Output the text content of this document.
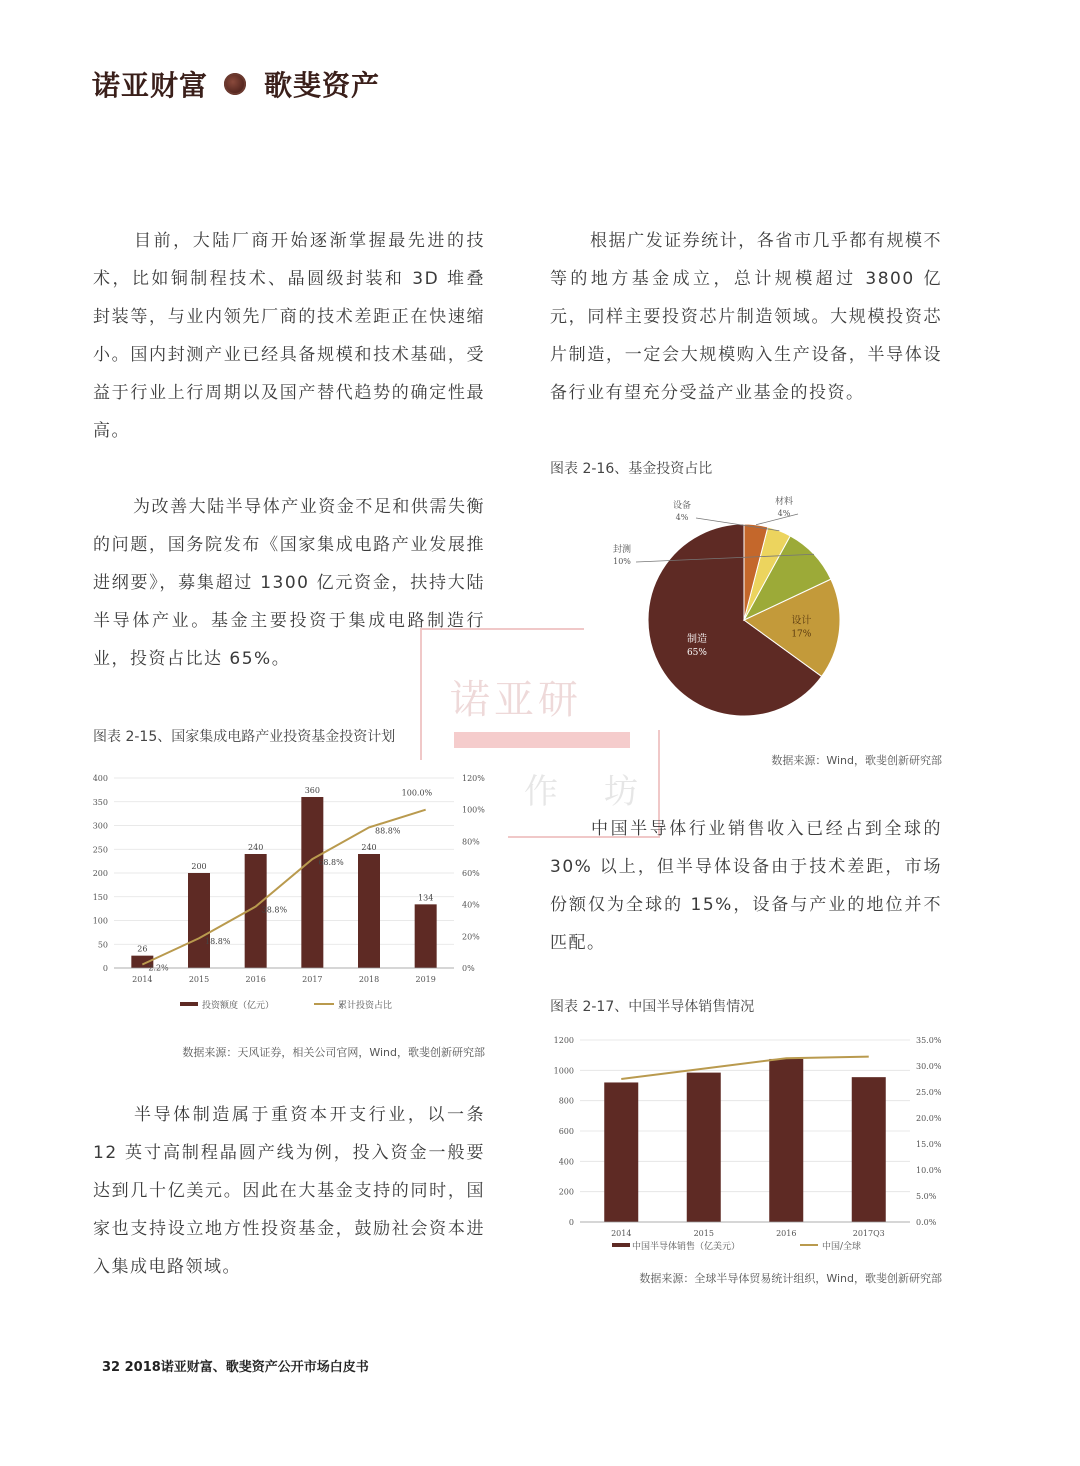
诺亚财富 歌斐资产
诺亚研
作　坊
目前，大陆厂商开始逐渐掌握最先进的技术，比如铜制程技术、晶圆级封装和 3D 堆叠封装等，与业内领先厂商的技术差距正在快速缩小。国内封测产业已经具备规模和技术基础，受益于行业上行周期以及国产替代趋势的确定性最高。
为改善大陆半导体产业资金不足和供需失衡的问题，国务院发布《国家集成电路产业发展推进纲要》，募集超过 1300 亿元资金，扶持大陆半导体产业。基金主要投资于集成电路制造行业，投资占比达 65%。
图表 2-15、国家集成电路产业投资基金投资计划
26
200
240
360
240
134
2.2%
18.8%
38.8%
68.8%
88.8%
100.0%
0
50
100
150
200
250
300
350
400
0%
20%
40%
60%
80%
100%
120%
2014	2015	2016	2017	2018	2019
投资额度（亿元）	累计投资占比
数据来源：天风证券，相关公司官网，Wind，歌斐创新研究部
半导体制造属于重资本开支行业，以一条 12 英寸高制程晶圆产线为例，投入资金一般要达到几十亿美元。因此在大基金支持的同时，国家也支持设立地方性投资基金，鼓励社会资本进入集成电路领域。
根据广发证券统计，各省市几乎都有规模不等的地方基金成立，总计规模超过 3800 亿元，同样主要投资芯片制造领域。大规模投资芯片制造，一定会大规模购入生产设备，半导体设备行业有望充分受益产业基金的投资。
图表 2-16、基金投资占比
制造
65%
设计
17%
封测
10%
设备
4%
材料
4%
数据来源：Wind，歌斐创新研究部
中国半导体行业销售收入已经占到全球的 30% 以上，但半导体设备由于技术差距，市场份额仅为全球的 15%，设备与产业的地位并不匹配。
图表 2-17、中国半导体销售情况
0
200
400
600
800
1000
1200
0.0%
5.0%
10.0%
15.0%
20.0%
25.0%
30.0%
35.0%
2014	2015	2016	2017Q3
中国半导体销售（亿美元）	中国/全球
数据来源：全球半导体贸易统计组织，Wind，歌斐创新研究部
32 2018诺亚财富、歌斐资产公开市场白皮书
